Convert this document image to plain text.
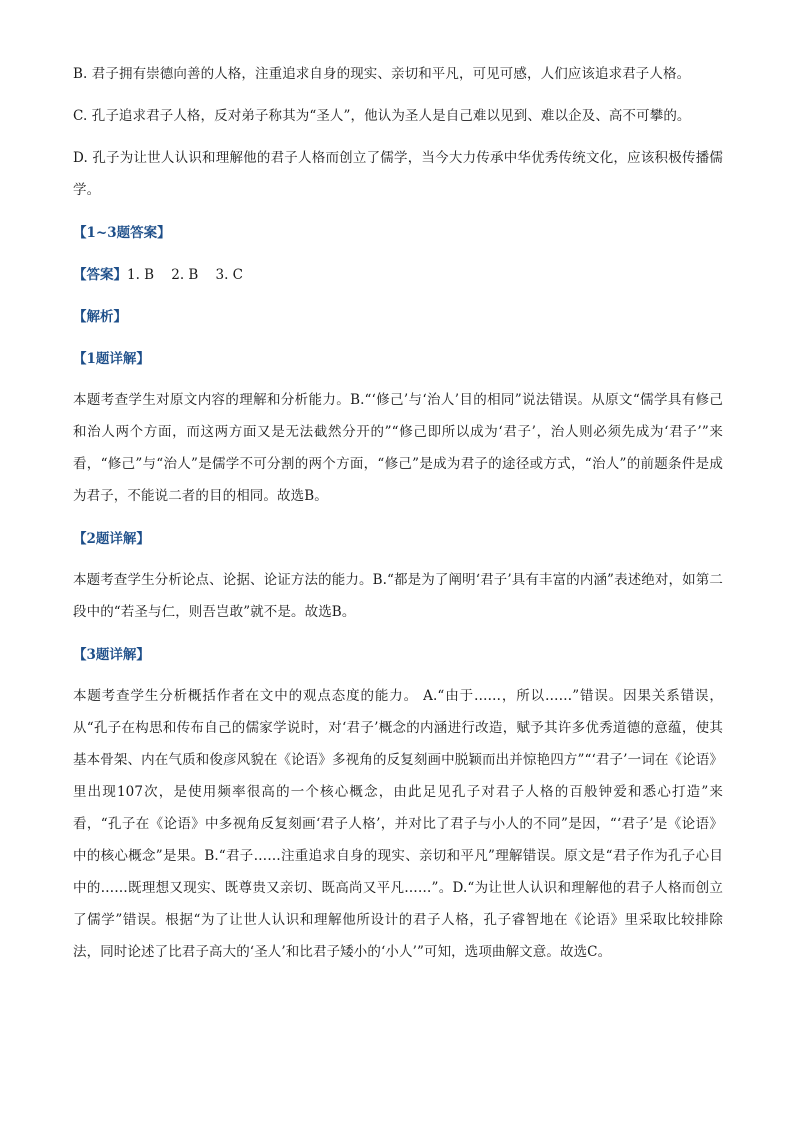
B. 君子拥有崇德向善的人格，注重追求自身的现实、亲切和平凡，可见可感，人们应该追求君子人格。

C. 孔子追求君子人格，反对弟子称其为“圣人”，他认为圣人是自己难以见到、难以企及、高不可攀的。

D. 孔子为让世人认识和理解他的君子人格而创立了儒学，当今大力传承中华优秀传统文化，应该积极传播儒学。

【1~3题答案】
【答案】1. B    2. B    3. C
【解析】
【1题详解】

本题考查学生对原文内容的理解和分析能力。B.“‘修己’与‘治人’目的相同”说法错误。从原文“儒学具有修己和治人两个方面，而这两方面又是无法截然分开的”“修己即所以成为‘君子’，治人则必须先成为‘君子’”来看，“修己”与“治人”是儒学不可分割的两个方面，“修己”是成为君子的途径或方式，“治人”的前题条件是成为君子，不能说二者的目的相同。故选B。

【2题详解】

本题考查学生分析论点、论据、论证方法的能力。B.“都是为了阐明‘君子’具有丰富的内涵”表述绝对，如第二段中的“若圣与仁，则吾岂敢”就不是。故选B。

【3题详解】

本题考查学生分析概括作者在文中的观点态度的能力。 A.“由于……，所以……”错误。因果关系错误，从“孔子在构思和传布自己的儒家学说时，对‘君子’概念的内涵进行改造，赋予其许多优秀道德的意蕴，使其基本骨架、内在气质和俊彦风貌在《论语》多视角的反复刻画中脱颖而出并惊艳四方”“‘君子’一词在《论语》里出现107次，是使用频率很高的一个核心概念，由此足见孔子对君子人格的百般钟爱和悉心打造”来看，“孔子在《论语》中多视角反复刻画‘君子人格’，并对比了君子与小人的不同”是因，“‘君子’是《论语》中的核心概念”是果。B.“君子……注重追求自身的现实、亲切和平凡”理解错误。原文是“君子作为孔子心目中的……既理想又现实、既尊贵又亲切、既高尚又平凡……”。D.“为让世人认识和理解他的君子人格而创立了儒学”错误。根据“为了让世人认识和理解他所设计的君子人格，孔子睿智地在《论语》里采取比较排除法，同时论述了比君子高大的‘圣人’和比君子矮小的‘小人’”可知，选项曲解文意。故选C。
